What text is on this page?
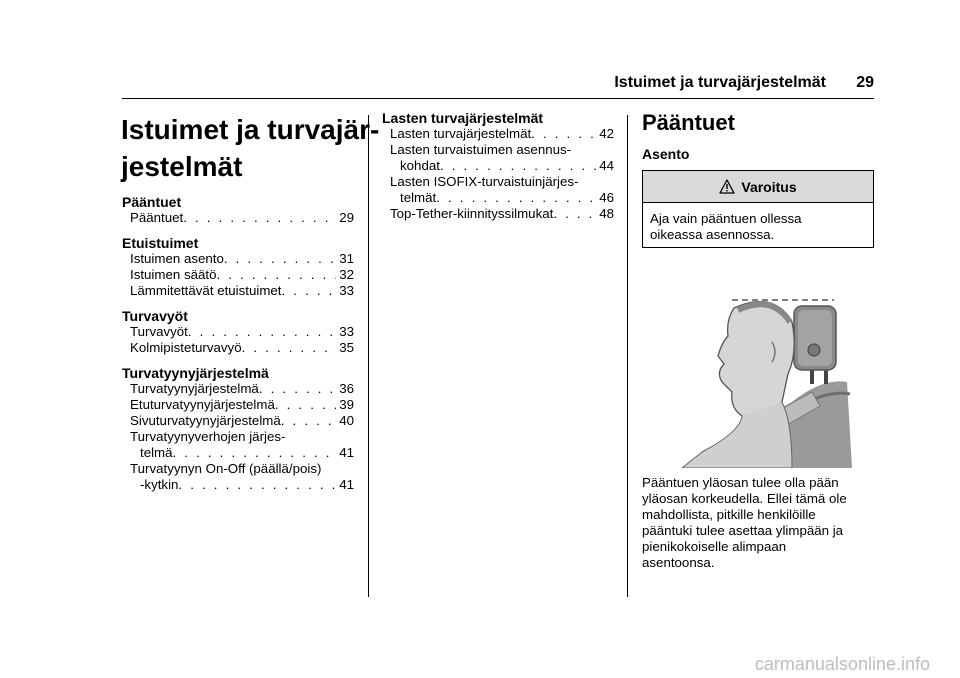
Istuimet ja turvajärjestelmät	29
Istuimet ja turvajär-
jestelmät
Pääntuet
Pääntuet . . .	29
Etuistuimet
Istuimen asento . . .	31
Istuimen säätö . . .	32
Lämmitettävät etuistuimet . . .	33
Turvavyöt
Turvavyöt . . .	33
Kolmipisteturvavyö . . .	35
Turvatyynyjärjestelmä
Turvatyynyjärjestelmä . . .	36
Etuturvatyynyjärjestelmä . . .	39
Sivuturvatyynyjärjestelmä . . .	40
Turvatyynyverhojen järjes-
telmä . . .	41
Turvatyynyn On-Off (päällä/pois)
-kytkin . . .	41
Lasten turvajärjestelmät
Lasten turvajärjestelmät . . .	42
Lasten turvaistuimen asennus-
kohdat . . .	44
Lasten ISOFIX-turvaistuinjärjes-
telmät . . .	46
Top-Tether-kiinnityssilmukat . . .	48
Pääntuet
Asento
Varoitus
Aja vain pääntuen ollessa
oikeassa asennossa.
Pääntuen yläosan tulee olla pään
yläosan korkeudella. Ellei tämä ole
mahdollista, pitkille henkilöille
pääntuki tulee asettaa ylimpään ja
pienikokoiselle alimpaan
asentoonsa.
carmanualsonline.info
